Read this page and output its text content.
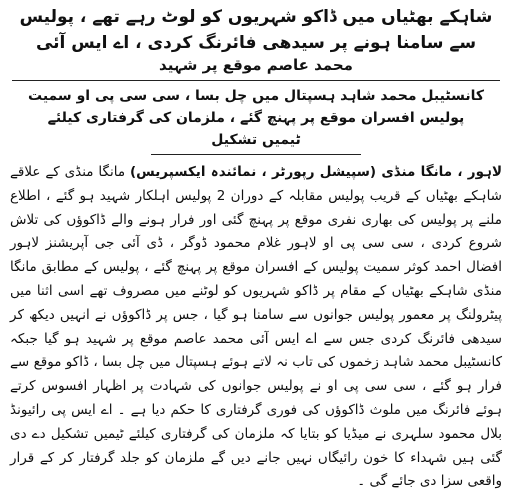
شاہکے بھٹیاں میں ڈاکو شہریوں کو لوٹ رہے تھے ، پولیس سے سامنا ہونے پر سیدھی فائرنگ کردی ، اے ایس آئی
محمد عاصم موقع پر شہید
کانسٹیبل محمد شاہد ہسپتال میں چل بسا ، سی سی پی او سمیت پولیس افسران موقع پر پہنچ گئے ، ملزمان کی گرفتاری کیلئے
ٹیمیں تشکیل
لاہور ، مانگا منڈی (سپیشل رپورٹر ، نمائندہ ایکسپریس) مانگا منڈی کے علاقے شاہکے بھٹیاں کے قریب پولیس مقابلہ کے دوران 2 پولیس اہلکار شہید ہو گئے ، اطلاع ملنے پر پولیس کی بھاری نفری موقع پر پہنچ گئی اور فرار ہونے والے ڈاکوؤں کی تلاش شروع کردی ، سی سی پی او لاہور غلام محمود ڈوگر ، ڈی آئی جی آپریشنز لاہور افضال احمد کوثر سمیت پولیس کے افسران موقع پر پہنچ گئے ، پولیس کے مطابق مانگا منڈی شاہکے بھٹیاں کے مقام پر ڈاکو شہریوں کو لوٹنے میں مصروف تھے اسی اثنا میں پیٹرولنگ پر معمور پولیس جوانوں سے سامنا ہو گیا ، جس پر ڈاکوؤں نے انہیں دیکھ کر سیدھی فائرنگ کردی جس سے اے ایس آئی محمد عاصم موقع پر شہید ہو گیا جبکہ کانسٹیبل محمد شاہد زخموں کی تاب نہ لاتے ہوئے ہسپتال میں چل بسا ، ڈاکو موقع سے فرار ہو گئے ، سی سی پی او نے پولیس جوانوں کی شہادت پر اظہار افسوس کرتے ہوئے فائرنگ میں ملوث ڈاکوؤں کی فوری گرفتاری کا حکم دیا ہے ۔ اے ایس پی رائیونڈ بلال محمود سلہری نے میڈیا کو بتایا کہ ملزمان کی گرفتاری کیلئے ٹیمیں تشکیل دے دی گئی ہیں شہداء کا خون رائیگاں نہیں جانے دیں گے ملزمان کو جلد گرفتار کر کے قرار واقعی سزا دی جائے گی ۔
